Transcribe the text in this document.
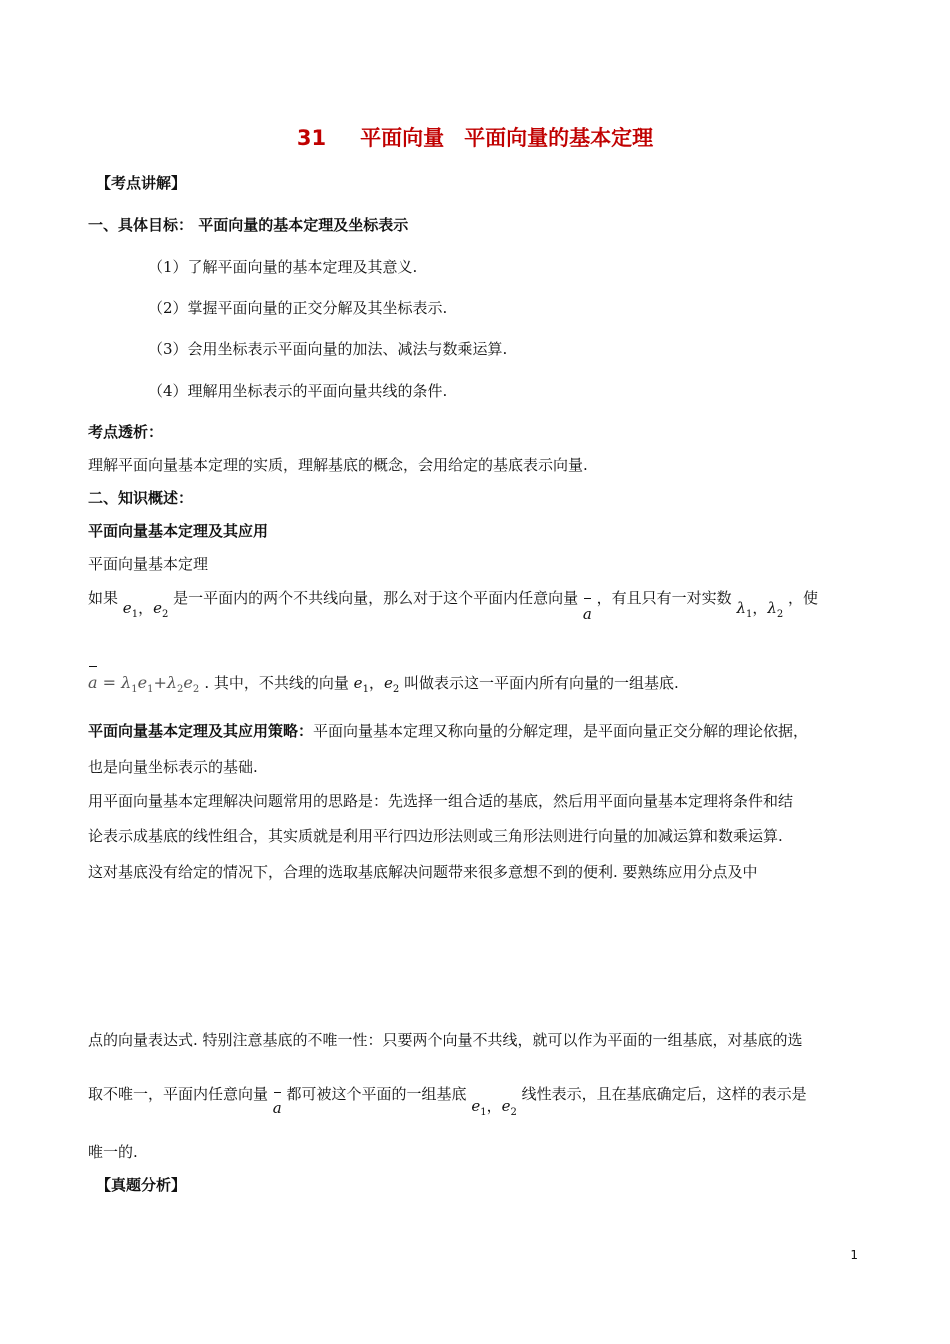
31 平面向量 平面向量的基本定理
【考点讲解】
一、具体目标： 平面向量的基本定理及坐标表示
（1）了解平面向量的基本定理及其意义.
（2）掌握平面向量的正交分解及其坐标表示.
（3）会用坐标表示平面向量的加法、减法与数乘运算.
（4）理解用坐标表示的平面向量共线的条件.
考点透析：
理解平面向量基本定理的实质，理解基底的概念，会用给定的基底表示向量.
二、知识概述：
平面向量基本定理及其应用
平面向量基本定理
如果 $e_1$，$e_2$ 是一平面内的两个不共线向量，那么对于这个平面内任意向量 a ，有且只有一对实数 $\lambda_1$，$\lambda_2$ ，使
$a = \lambda_1e_1+\lambda_2e_2$ . 其中，不共线的向量 $e_1$，$e_2$ 叫做表示这一平面内所有向量的一组基底.
平面向量基本定理及其应用策略：平面向量基本定理又称向量的分解定理，是平面向量正交分解的理论依据，
也是向量坐标表示的基础.
用平面向量基本定理解决问题常用的思路是：先选择一组合适的基底，然后用平面向量基本定理将条件和结
论表示成基底的线性组合，其实质就是利用平行四边形法则或三角形法则进行向量的加减运算和数乘运算.
这对基底没有给定的情况下，合理的选取基底解决问题带来很多意想不到的便利. 要熟练应用分点及中
点的向量表达式. 特别注意基底的不唯一性：只要两个向量不共线，就可以作为平面的一组基底，对基底的选
取不唯一，平面内任意向量 a 都可被这个平面的一组基底 $e_1$，$e_2$ 线性表示，且在基底确定后，这样的表示是
唯一的.
【真题分析】
1
